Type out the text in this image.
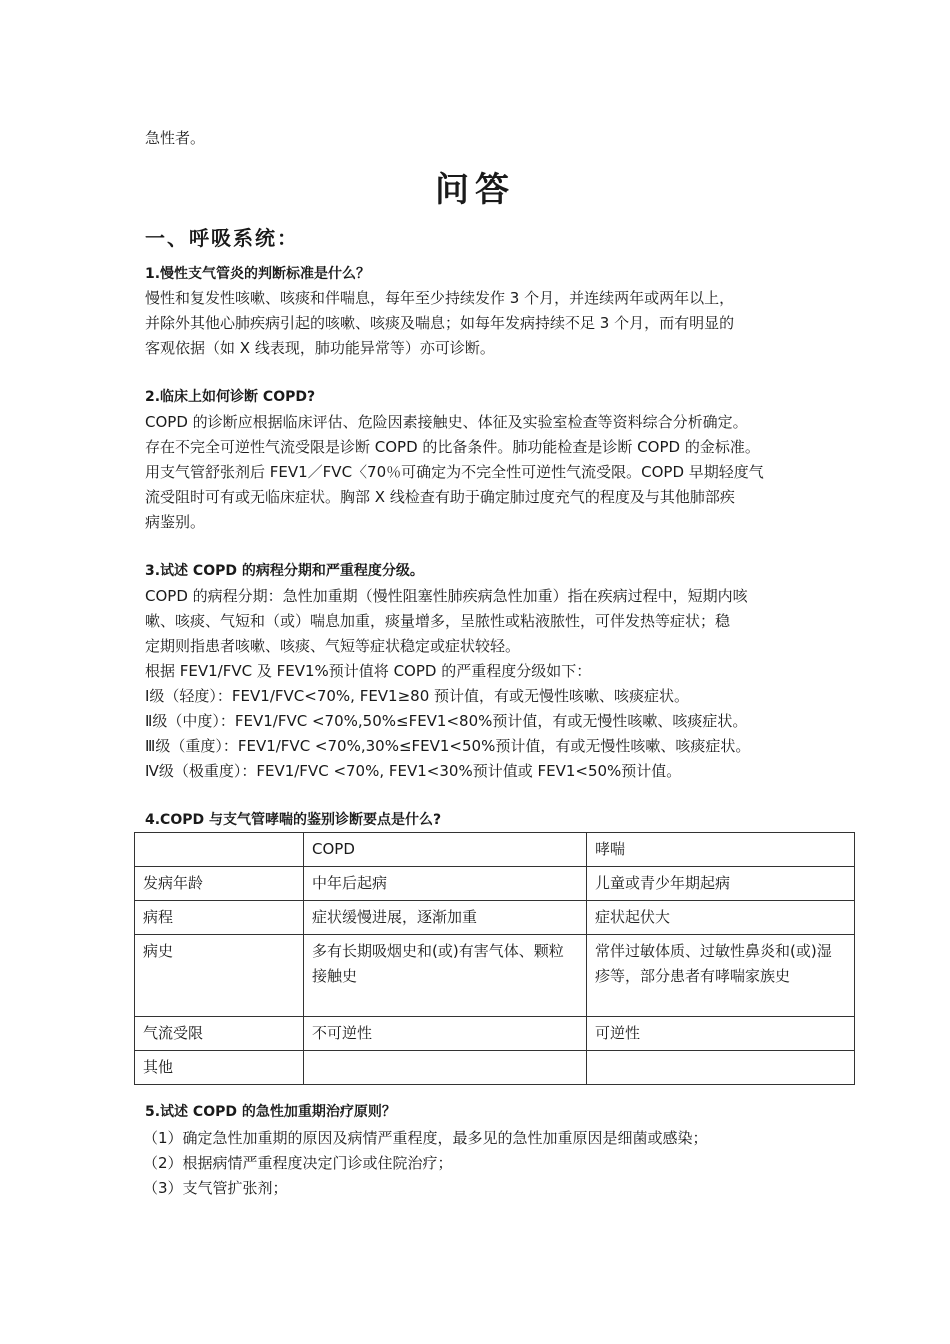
急性者。
问答
一、呼吸系统：
1.慢性支气管炎的判断标准是什么？
慢性和复发性咳嗽、咳痰和伴喘息，每年至少持续发作 3 个月，并连续两年或两年以上，
并除外其他心肺疾病引起的咳嗽、咳痰及喘息；如每年发病持续不足 3 个月，而有明显的
客观依据（如 X 线表现，肺功能异常等）亦可诊断。
2.临床上如何诊断 COPD?
COPD 的诊断应根据临床评估、危险因素接触史、体征及实验室检查等资料综合分析确定。
存在不完全可逆性气流受限是诊断 COPD 的比备条件。肺功能检查是诊断 COPD 的金标准。
用支气管舒张剂后 FEV1／FVC〈70％可确定为不完全性可逆性气流受限。COPD 早期轻度气
流受阻时可有或无临床症状。胸部 X 线检查有助于确定肺过度充气的程度及与其他肺部疾
病鉴别。
3.试述 COPD 的病程分期和严重程度分级。
COPD 的病程分期：急性加重期（慢性阻塞性肺疾病急性加重）指在疾病过程中，短期内咳
嗽、咳痰、气短和（或）喘息加重，痰量增多，呈脓性或粘液脓性，可伴发热等症状；稳
定期则指患者咳嗽、咳痰、气短等症状稳定或症状较轻。
根据 FEV1/FVC 及 FEV1%预计值将 COPD 的严重程度分级如下：
Ⅰ级（轻度）：FEV1/FVC<70%, FEV1≥80 预计值，有或无慢性咳嗽、咳痰症状。
Ⅱ级（中度）：FEV1/FVC <70%,50%≤FEV1<80%预计值，有或无慢性咳嗽、咳痰症状。
Ⅲ级（重度）：FEV1/FVC <70%,30%≤FEV1<50%预计值，有或无慢性咳嗽、咳痰症状。
Ⅳ级（极重度）：FEV1/FVC <70%, FEV1<30%预计值或 FEV1<50%预计值。
4.COPD 与支气管哮喘的鉴别诊断要点是什么?
	COPD	哮喘
发病年龄	中年后起病	儿童或青少年期起病
病程	症状缓慢进展，逐渐加重	症状起伏大
病史	多有长期吸烟史和(或)有害气体、颗粒接触史	常伴过敏体质、过敏性鼻炎和(或)湿疹等，部分患者有哮喘家族史
气流受限	不可逆性	可逆性
其他		
5.试述 COPD 的急性加重期治疗原则？
（1）确定急性加重期的原因及病情严重程度，最多见的急性加重原因是细菌或感染；
（2）根据病情严重程度决定门诊或住院治疗；
（3）支气管扩张剂；
